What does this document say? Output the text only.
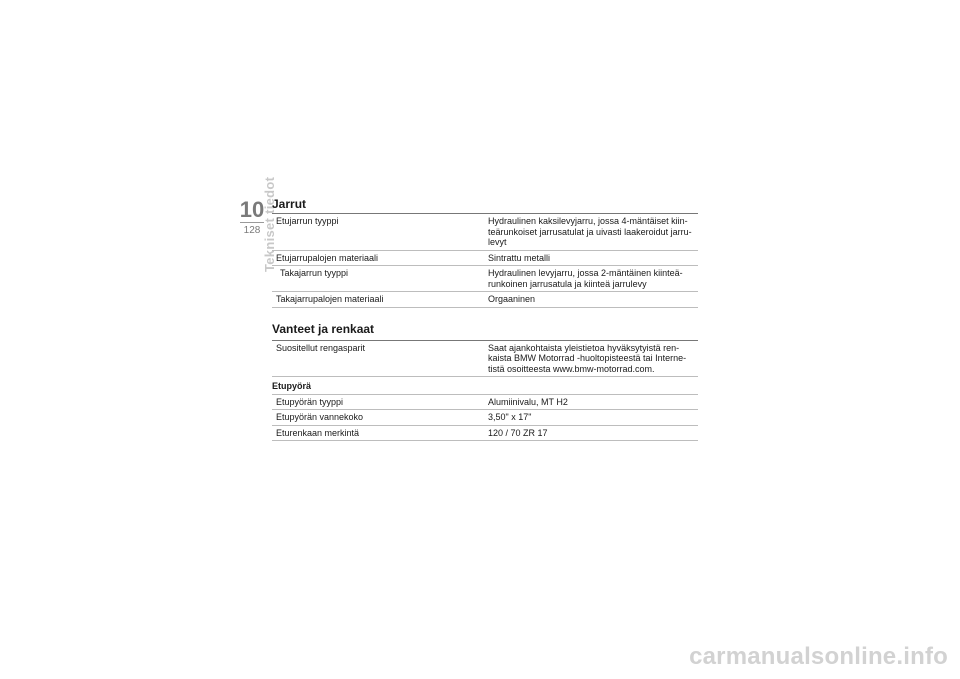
10
128 Tekniset tiedot
Jarrut
Etujarrun tyyppi	Hydraulinen kaksilevyjarru, jossa 4-mäntäiset kiin-
teärunkoiset jarrusatulat ja uivasti laakeroidut jarru-
levyt
Etujarrupalojen materiaali	Sintrattu metalli
Takajarrun tyyppi	Hydraulinen levyjarru, jossa 2-mäntäinen kiinteä-
runkoinen jarrusatula ja kiinteä jarrulevy
Takajarrupalojen materiaali	Orgaaninen
Vanteet ja renkaat
Suositellut rengasparit	Saat ajankohtaista yleistietoa hyväksytyistä ren-
kaista BMW Motorrad -huoltopisteestä tai Interne-
tistä osoitteesta www.bmw-motorrad.com.
Etupyörä
Etupyörän tyyppi	Alumiinivalu, MT H2
Etupyörän vannekoko	3,50" x 17"
Eturenkaan merkintä	120 / 70 ZR 17
carmanualsonline.info
